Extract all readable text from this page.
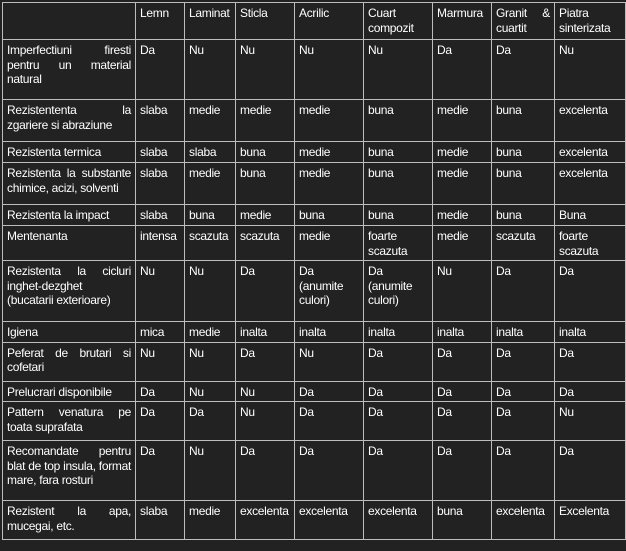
	Lemn	Laminat	Sticla	Acrilic	Cuart compozit	Marmura	Granit & cuartit	Piatra sinterizata
Imperfectiuni firesti pentru un material natural	Da	Nu	Nu	Nu	Nu	Da	Da	Nu
Rezistententa la zgariere si abraziune	slaba	medie	medie	medie	buna	medie	buna	excelenta
Rezistenta termica	slaba	slaba	buna	medie	buna	medie	buna	excelenta
Rezistenta la substante chimice, acizi, solventi	slaba	medie	buna	medie	buna	medie	buna	excelenta
Rezistenta la impact	slaba	buna	medie	buna	buna	medie	buna	Buna
Mentenanta	intensa	scazuta	scazuta	medie	foarte scazuta	medie	scazuta	foarte scazuta
Rezistenta la cicluri inghet-dezghet (bucatarii exterioare)	Nu	Nu	Da	Da (anumite culori)	Da (anumite culori)	Nu	Da	Da
Igiena	mica	medie	inalta	inalta	inalta	inalta	inalta	inalta
Peferat de brutari si cofetari	Nu	Nu	Da	Nu	Da	Da	Da	Da
Prelucrari disponibile	Da	Nu	Nu	Da	Da	Da	Da	Da
Pattern venatura pe toata suprafata	Da	Da	Nu	Da	Da	Da	Da	Nu
Recomandate pentru blat de top insula, format mare, fara rosturi	Da	Nu	Da	Da	Da	Da	Da	Da
Rezistent la apa, mucegai, etc.	slaba	medie	excelenta	excelenta	excelenta	buna	excelenta	Excelenta
